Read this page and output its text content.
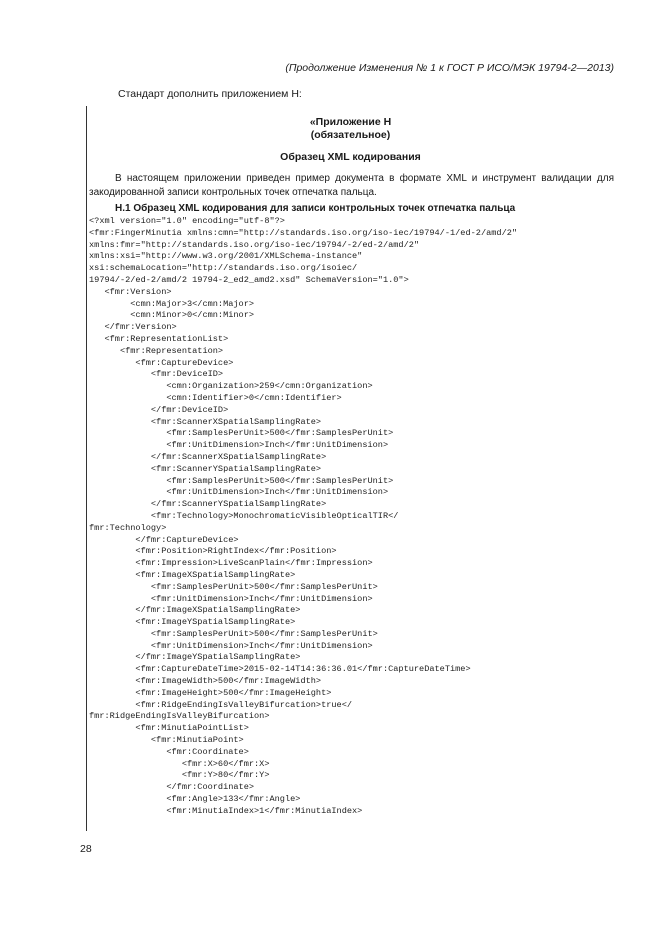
(Продолжение Изменения № 1 к ГОСТ Р ИСО/МЭК 19794-2—2013)
Стандарт дополнить приложением Н:
«Приложение Н
(обязательное)
Образец XML кодирования
В настоящем приложении приведен пример документа в формате XML и инструмент валидации для закодированной записи контрольных точек отпечатка пальца.
Н.1 Образец XML кодирования для записи контрольных точек отпечатка пальца
<?xml version="1.0" encoding="utf-8"?>
<fmr:FingerMinutia xmlns:cmn="http://standards.iso.org/iso-iec/19794/-1/ed-2/amd/2"
xmlns:fmr="http://standards.iso.org/iso-iec/19794/-2/ed-2/amd/2"
xmlns:xsi="http://www.w3.org/2001/XMLSchema-instance"
xsi:schemaLocation="http://standards.iso.org/isoiec/
19794/-2/ed-2/amd/2 19794-2_ed2_amd2.xsd" SchemaVersion="1.0">
<fmr:Version>
<cmn:Major>3</cmn:Major>
<cmn:Minor>0</cmn:Minor>
</fmr:Version>
<fmr:RepresentationList>
<fmr:Representation>
<fmr:CaptureDevice>
<fmr:DeviceID>
<cmn:Organization>259</cmn:Organization>
<cmn:Identifier>0</cmn:Identifier>
</fmr:DeviceID>
<fmr:ScannerXSpatialSamplingRate>
<fmr:SamplesPerUnit>500</fmr:SamplesPerUnit>
<fmr:UnitDimension>Inch</fmr:UnitDimension>
</fmr:ScannerXSpatialSamplingRate>
<fmr:ScannerYSpatialSamplingRate>
<fmr:SamplesPerUnit>500</fmr:SamplesPerUnit>
<fmr:UnitDimension>Inch</fmr:UnitDimension>
</fmr:ScannerYSpatialSamplingRate>
<fmr:Technology>MonochromaticVisibleOpticalTIR</
fmr:Technology>
</fmr:CaptureDevice>
<fmr:Position>RightIndex</fmr:Position>
<fmr:Impression>LiveScanPlain</fmr:Impression>
<fmr:ImageXSpatialSamplingRate>
<fmr:SamplesPerUnit>500</fmr:SamplesPerUnit>
<fmr:UnitDimension>Inch</fmr:UnitDimension>
</fmr:ImageXSpatialSamplingRate>
<fmr:ImageYSpatialSamplingRate>
<fmr:SamplesPerUnit>500</fmr:SamplesPerUnit>
<fmr:UnitDimension>Inch</fmr:UnitDimension>
</fmr:ImageYSpatialSamplingRate>
<fmr:CaptureDateTime>2015-02-14T14:36:36.01</fmr:CaptureDateTime>
<fmr:ImageWidth>500</fmr:ImageWidth>
<fmr:ImageHeight>500</fmr:ImageHeight>
<fmr:RidgeEndingIsValleyBifurcation>true</
fmr:RidgeEndingIsValleyBifurcation>
<fmr:MinutiaPointList>
<fmr:MinutiaPoint>
<fmr:Coordinate>
<fmr:X>60</fmr:X>
<fmr:Y>80</fmr:Y>
</fmr:Coordinate>
<fmr:Angle>133</fmr:Angle>
<fmr:MinutiaIndex>1</fmr:MinutiaIndex>
28
